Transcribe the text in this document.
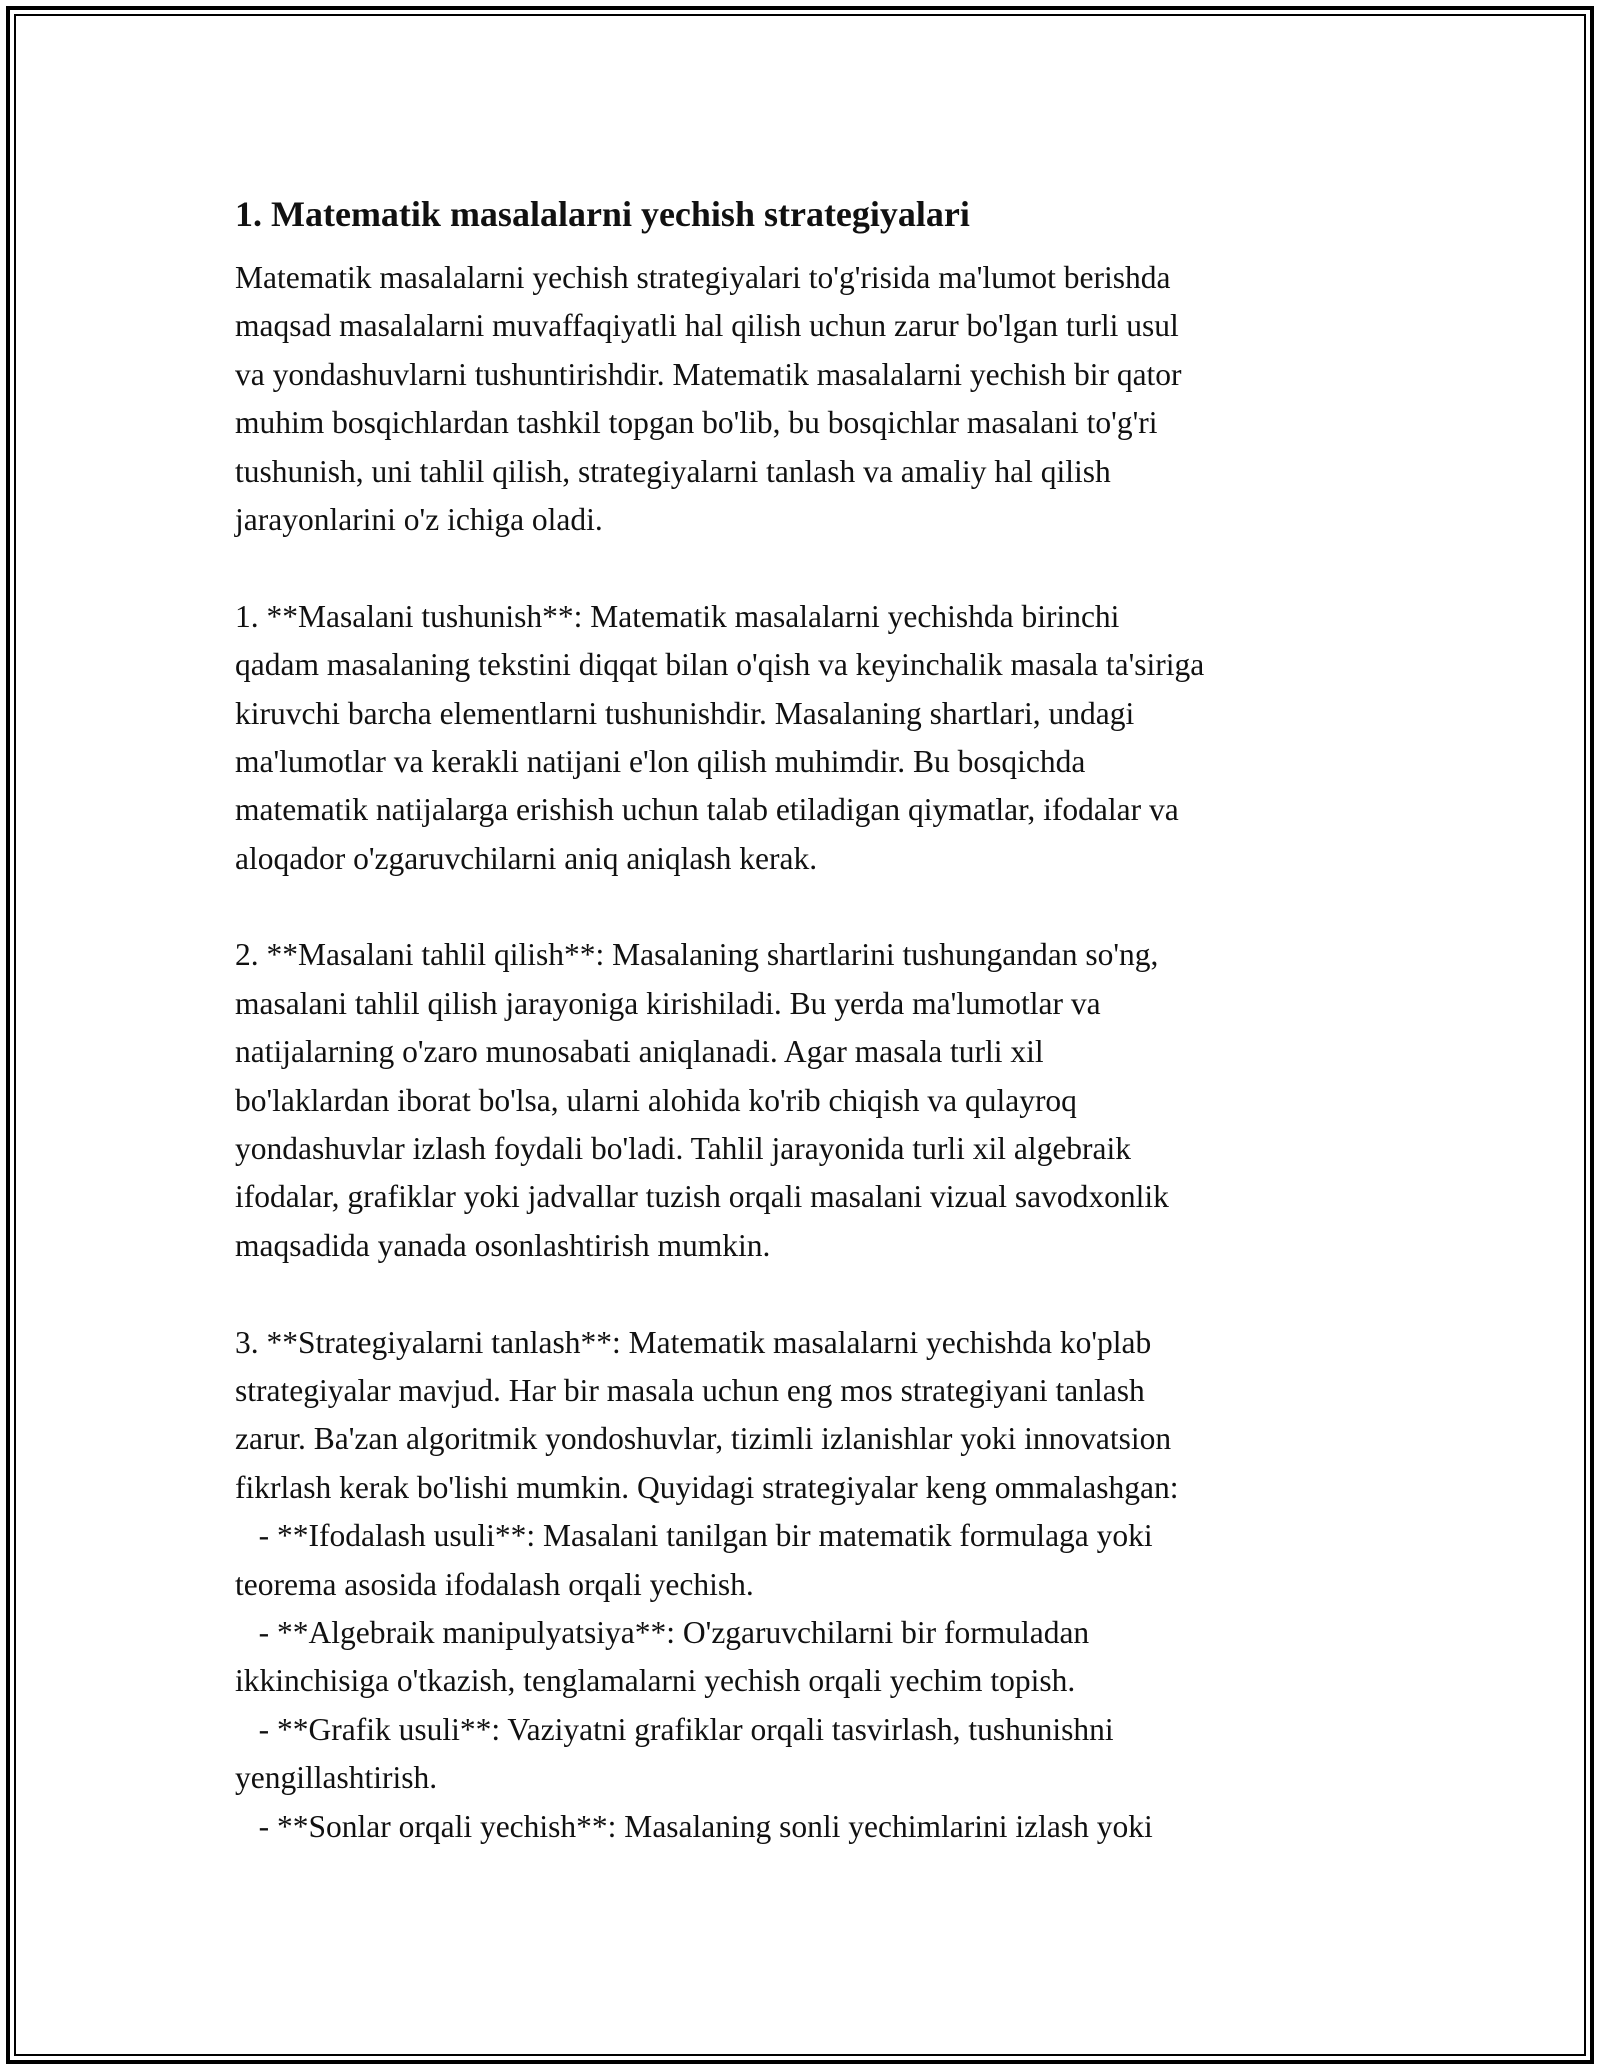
1. Matematik masalalarni yechish strategiyalari
Matematik masalalarni yechish strategiyalari to'g'risida ma'lumot berishda
maqsad masalalarni muvaffaqiyatli hal qilish uchun zarur bo'lgan turli usul
va yondashuvlarni tushuntirishdir. Matematik masalalarni yechish bir qator
muhim bosqichlardan tashkil topgan bo'lib, bu bosqichlar masalani to'g'ri
tushunish, uni tahlil qilish, strategiyalarni tanlash va amaliy hal qilish
jarayonlarini o'z ichiga oladi.
1. **Masalani tushunish**: Matematik masalalarni yechishda birinchi
qadam masalaning tekstini diqqat bilan o'qish va keyinchalik masala ta'siriga
kiruvchi barcha elementlarni tushunishdir. Masalaning shartlari, undagi
ma'lumotlar va kerakli natijani e'lon qilish muhimdir. Bu bosqichda
matematik natijalarga erishish uchun talab etiladigan qiymatlar, ifodalar va
aloqador o'zgaruvchilarni aniq aniqlash kerak.
2. **Masalani tahlil qilish**: Masalaning shartlarini tushungandan so'ng,
masalani tahlil qilish jarayoniga kirishiladi. Bu yerda ma'lumotlar va
natijalarning o'zaro munosabati aniqlanadi. Agar masala turli xil
bo'laklardan iborat bo'lsa, ularni alohida ko'rib chiqish va qulayroq
yondashuvlar izlash foydali bo'ladi. Tahlil jarayonida turli xil algebraik
ifodalar, grafiklar yoki jadvallar tuzish orqali masalani vizual savodxonlik
maqsadida yanada osonlashtirish mumkin.
3. **Strategiyalarni tanlash**: Matematik masalalarni yechishda ko'plab
strategiyalar mavjud. Har bir masala uchun eng mos strategiyani tanlash
zarur. Ba'zan algoritmik yondoshuvlar, tizimli izlanishlar yoki innovatsion
fikrlash kerak bo'lishi mumkin. Quyidagi strategiyalar keng ommalashgan:
- **Ifodalash usuli**: Masalani tanilgan bir matematik formulaga yoki
teorema asosida ifodalash orqali yechish.
- **Algebraik manipulyatsiya**: O'zgaruvchilarni bir formuladan
ikkinchisiga o'tkazish, tenglamalarni yechish orqali yechim topish.
- **Grafik usuli**: Vaziyatni grafiklar orqali tasvirlash, tushunishni
yengillashtirish.
- **Sonlar orqali yechish**: Masalaning sonli yechimlarini izlash yoki
